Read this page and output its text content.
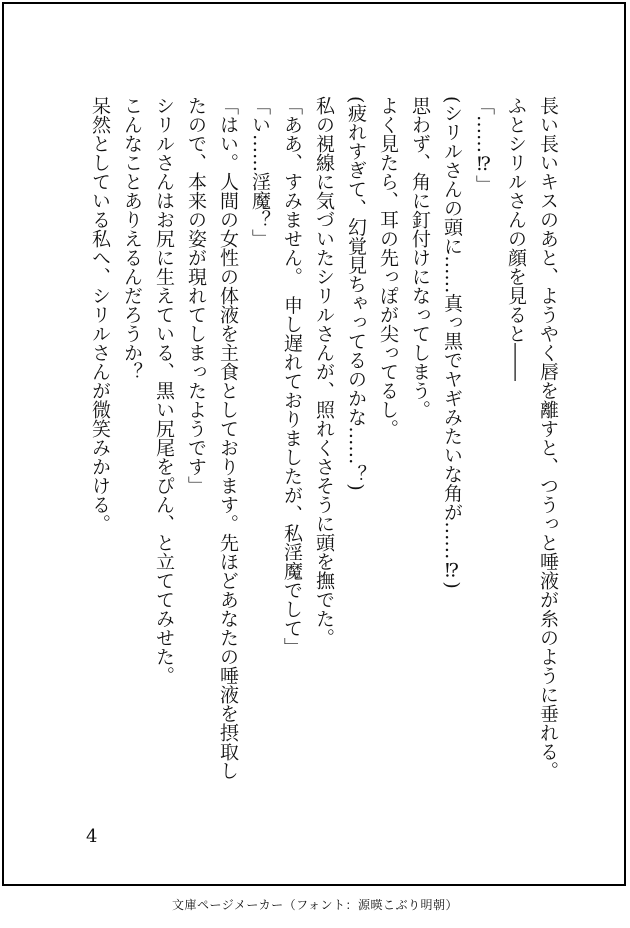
長い長いキスのあと、ようやく唇を離すと、つうっと唾液が糸のように垂れる。

ふとシリルさんの顔を見ると――

「……⁉」

(シリルさんの頭に……真っ黒でヤギみたいな角が……⁉)

思わず、角に釘付けになってしまう。

よく見たら、耳の先っぽが尖ってるし。

(疲れすぎて、幻覚見ちゃってるのかな……？)

私の視線に気づいたシリルさんが、照れくさそうに頭を撫でた。

「ああ、すみません。　申し遅れておりましたが、私淫魔でして」

「い……淫魔？」

「はい。人間の女性の体液を主食としております。先ほどあなたの唾液を摂取し

たので、本来の姿が現れてしまったようです」

シリルさんはお尻に生えている、黒い尻尾をぴん、と立ててみせた。

こんなことありえるんだろうか？

呆然としている私へ、シリルさんが微笑みかける。

4
文庫ページメーカー（フォント：源暎こぶり明朝）
